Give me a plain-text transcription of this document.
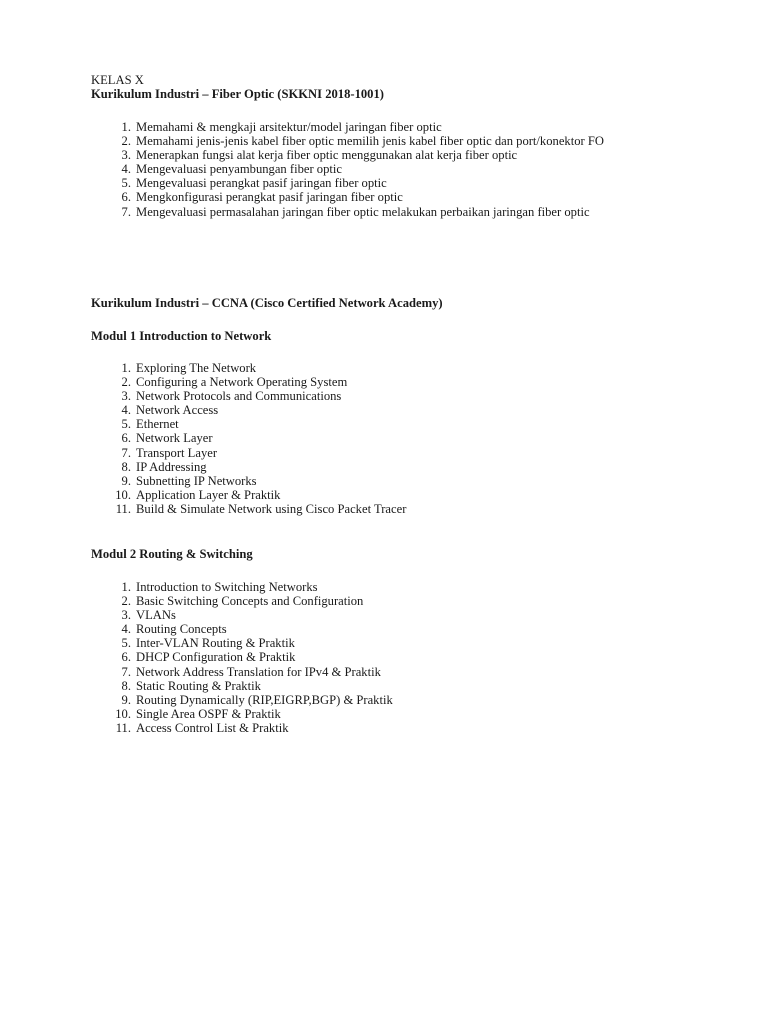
KELAS X
Kurikulum Industri – Fiber Optic (SKKNI 2018-1001)
1. Memahami & mengkaji arsitektur/model jaringan fiber optic
2. Memahami jenis-jenis kabel fiber optic memilih jenis kabel fiber optic dan port/konektor FO
3. Menerapkan fungsi alat kerja fiber optic menggunakan alat kerja fiber optic
4. Mengevaluasi penyambungan fiber optic
5. Mengevaluasi perangkat pasif jaringan fiber optic
6. Mengkonfigurasi perangkat pasif jaringan fiber optic
7. Mengevaluasi permasalahan jaringan fiber optic melakukan perbaikan jaringan fiber optic
Kurikulum Industri – CCNA (Cisco Certified Network Academy)
Modul 1 Introduction to Network
1. Exploring The Network
2. Configuring a Network Operating System
3. Network Protocols and Communications
4. Network Access
5. Ethernet
6. Network Layer
7. Transport Layer
8. IP Addressing
9. Subnetting IP Networks
10. Application Layer & Praktik
11. Build & Simulate Network using Cisco Packet Tracer
Modul 2 Routing & Switching
1. Introduction to Switching Networks
2. Basic Switching Concepts and Configuration
3. VLANs
4. Routing Concepts
5. Inter-VLAN Routing & Praktik
6. DHCP Configuration & Praktik
7. Network Address Translation for IPv4 & Praktik
8. Static Routing & Praktik
9. Routing Dynamically (RIP,EIGRP,BGP) & Praktik
10. Single Area OSPF & Praktik
11. Access Control List & Praktik
